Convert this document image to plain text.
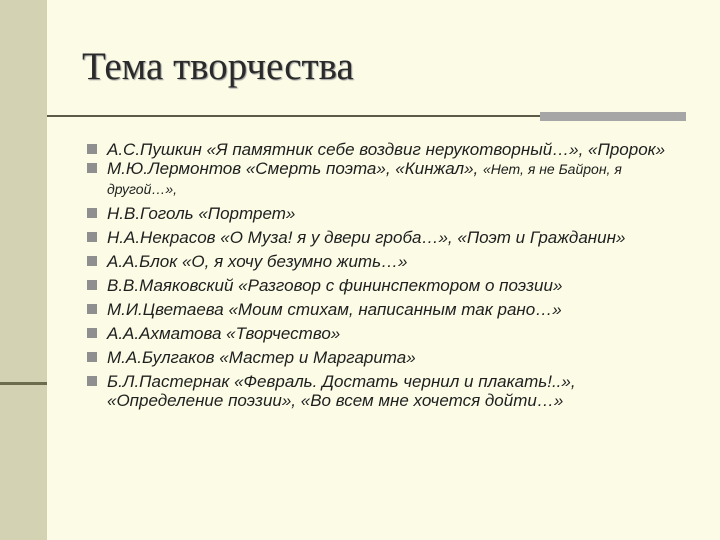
Тема творчества
А.С.Пушкин «Я памятник себе воздвиг нерукотворный…», «Пророк»
М.Ю.Лермонтов «Смерть поэта», «Кинжал», «Нет, я не Байрон, я другой…»,
Н.В.Гоголь «Портрет»
Н.А.Некрасов «О Муза! я у двери гроба…», «Поэт и Гражданин»
А.А.Блок «О, я хочу безумно жить…»
В.В.Маяковский «Разговор с фининспектором о поэзии»
М.И.Цветаева «Моим стихам, написанным так рано…»
А.А.Ахматова «Творчество»
М.А.Булгаков «Мастер и Маргарита»
Б.Л.Пастернак «Февраль. Достать чернил и плакать!..», «Определение поэзии», «Во всем мне хочется дойти…»
